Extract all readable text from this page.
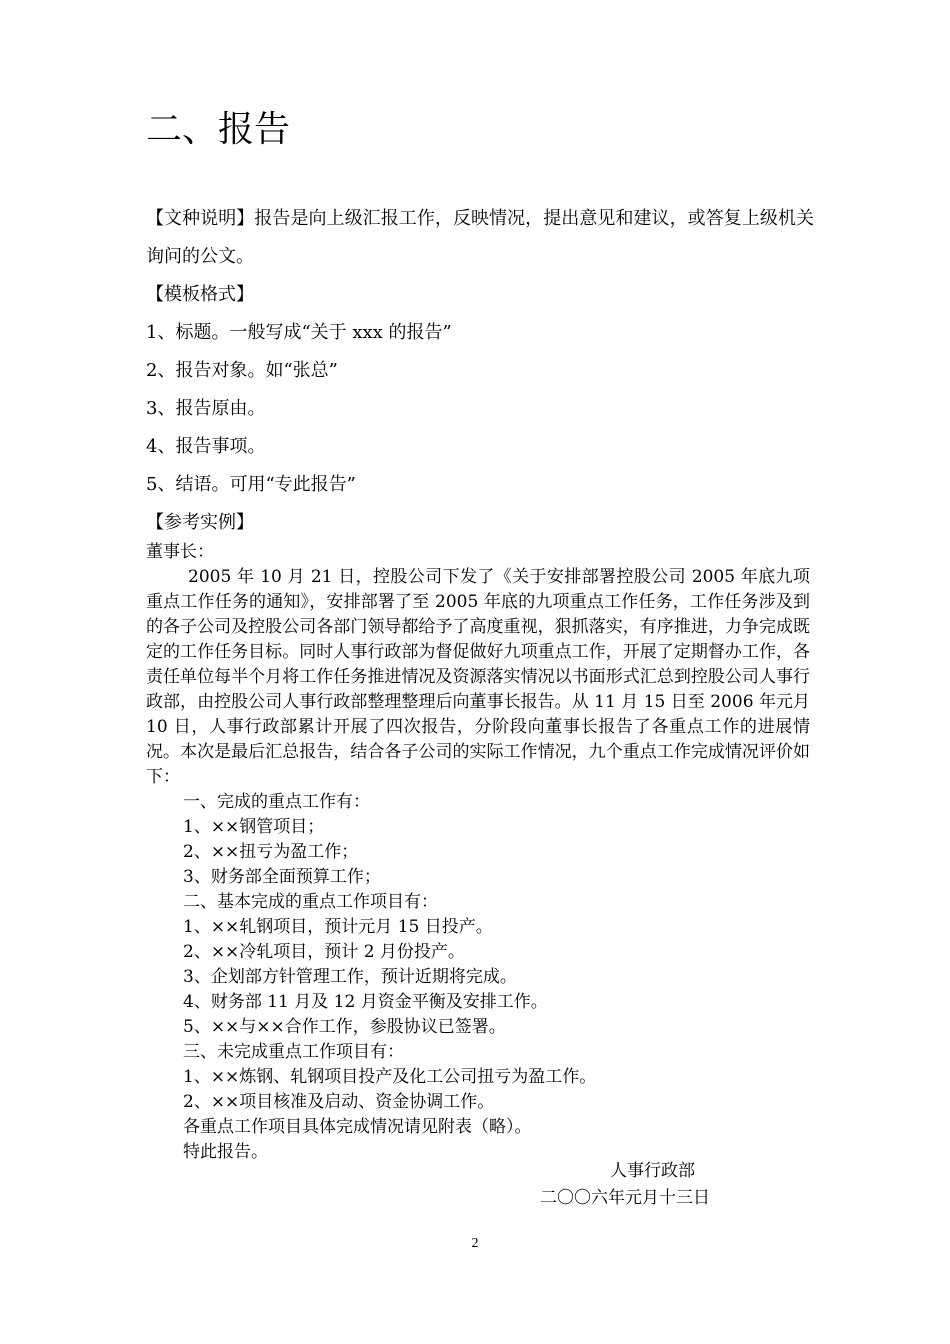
二、报告

【文种说明】报告是向上级汇报工作，反映情况，提出意见和建议，或答复上级机关询问的公文。

【模板格式】

1、标题。一般写成“关于 xxx 的报告”

2、报告对象。如“张总”

3、报告原由。

4、报告事项。

5、结语。可用“专此报告”

【参考实例】

董事长：

2005 年 10 月 21 日，控股公司下发了《关于安排部署控股公司 2005 年底九项重点工作任务的通知》，安排部署了至 2005 年底的九项重点工作任务，工作任务涉及到的各子公司及控股公司各部门领导都给予了高度重视，狠抓落实，有序推进，力争完成既定的工作任务目标。同时人事行政部为督促做好九项重点工作，开展了定期督办工作，各责任单位每半个月将工作任务推进情况及资源落实情况以书面形式汇总到控股公司人事行政部，由控股公司人事行政部整理整理后向董事长报告。从 11 月 15 日至 2006 年元月 10 日，人事行政部累计开展了四次报告，分阶段向董事长报告了各重点工作的进展情况。本次是最后汇总报告，结合各子公司的实际工作情况，九个重点工作完成情况评价如下：

一、完成的重点工作有：

1、××钢管项目；

2、××扭亏为盈工作；

3、财务部全面预算工作；

二、基本完成的重点工作项目有：

1、××轧钢项目，预计元月 15 日投产。

2、××冷轧项目，预计 2 月份投产。

3、企划部方针管理工作，预计近期将完成。

4、财务部 11 月及 12 月资金平衡及安排工作。

5、××与××合作工作，参股协议已签署。

三、未完成重点工作项目有：

1、××炼钢、轧钢项目投产及化工公司扭亏为盈工作。

2、××项目核准及启动、资金协调工作。

各重点工作项目具体完成情况请见附表（略）。

特此报告。

人事行政部

二〇〇六年元月十三日

2
